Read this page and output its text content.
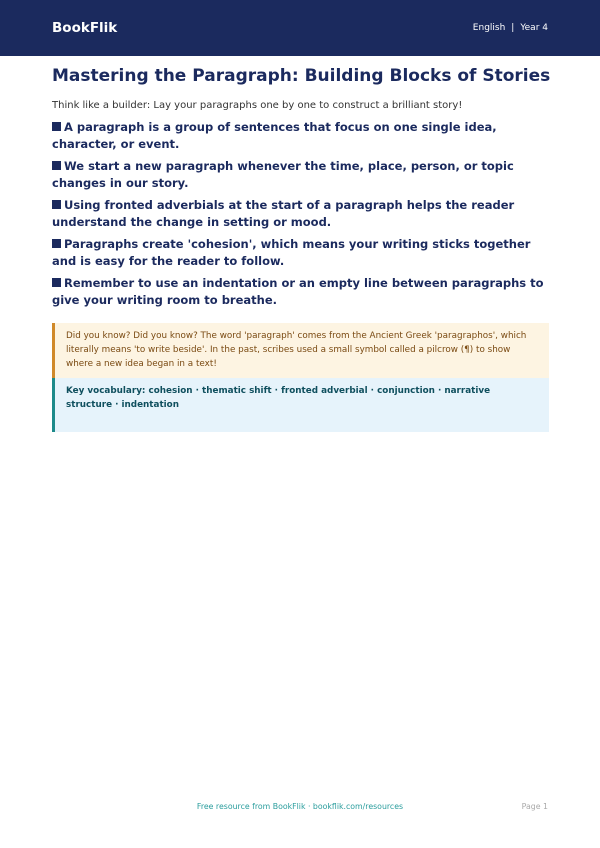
BookFlik	English | Year 4
Mastering the Paragraph: Building Blocks of Stories

Think like a builder: Lay your paragraphs one by one to construct a brilliant story!

A paragraph is a group of sentences that focus on one single idea, character, or event.
We start a new paragraph whenever the time, place, person, or topic changes in our story.
Using fronted adverbials at the start of a paragraph helps the reader understand the change in setting or mood.
Paragraphs create 'cohesion', which means your writing sticks together and is easy for the reader to follow.
Remember to use an indentation or an empty line between paragraphs to give your writing room to breathe.
Did you know? Did you know? The word 'paragraph' comes from the Ancient Greek 'paragraphos', which literally means 'to write beside'. In the past, scribes used a small symbol called a pilcrow (¶) to show where a new idea began in a text!
Key vocabulary: cohesion · thematic shift · fronted adverbial · conjunction · narrative structure · indentation
Free resource from BookFlik · bookflik.com/resources	Page 1
